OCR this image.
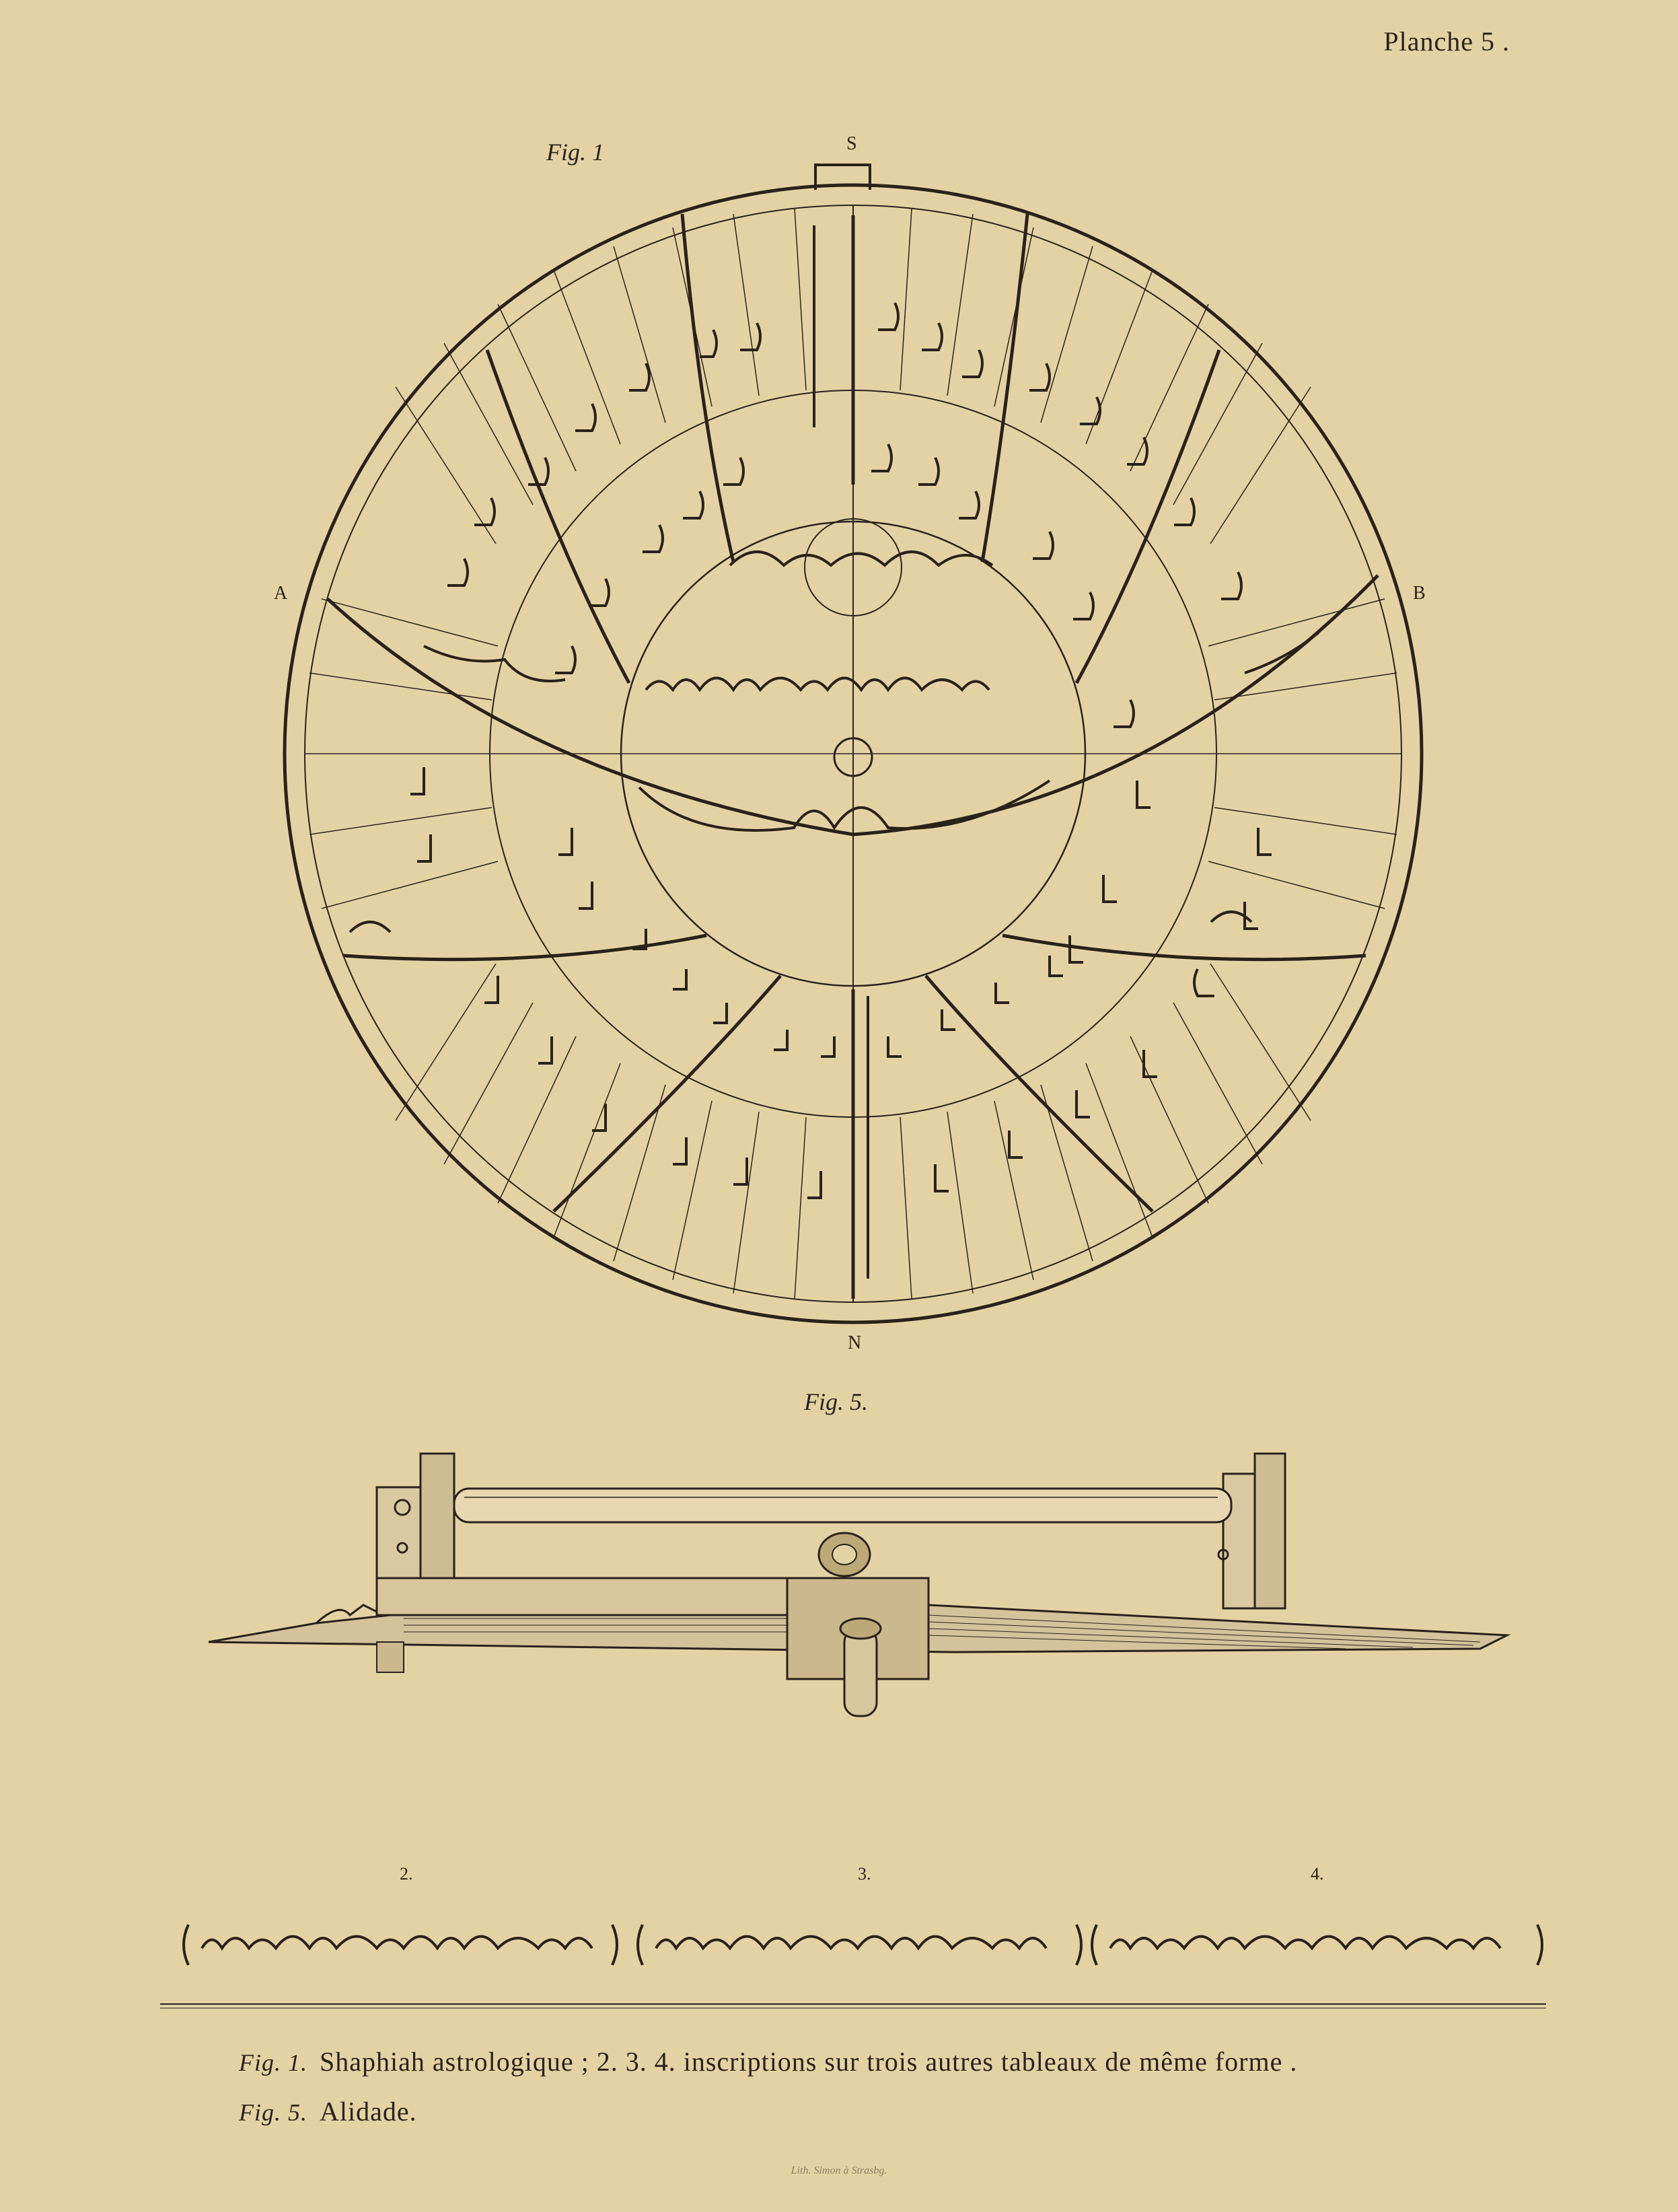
Planche 5 .
Fig. 1	S
N
A	B
Fig. 5.
2.	3.	4.
Fig. 1. Shaphiah astrologique ; 2. 3. 4. inscriptions sur trois autres tableaux de même forme .
Fig. 5. Alidade.
Lith. Simon à Strasbg.
